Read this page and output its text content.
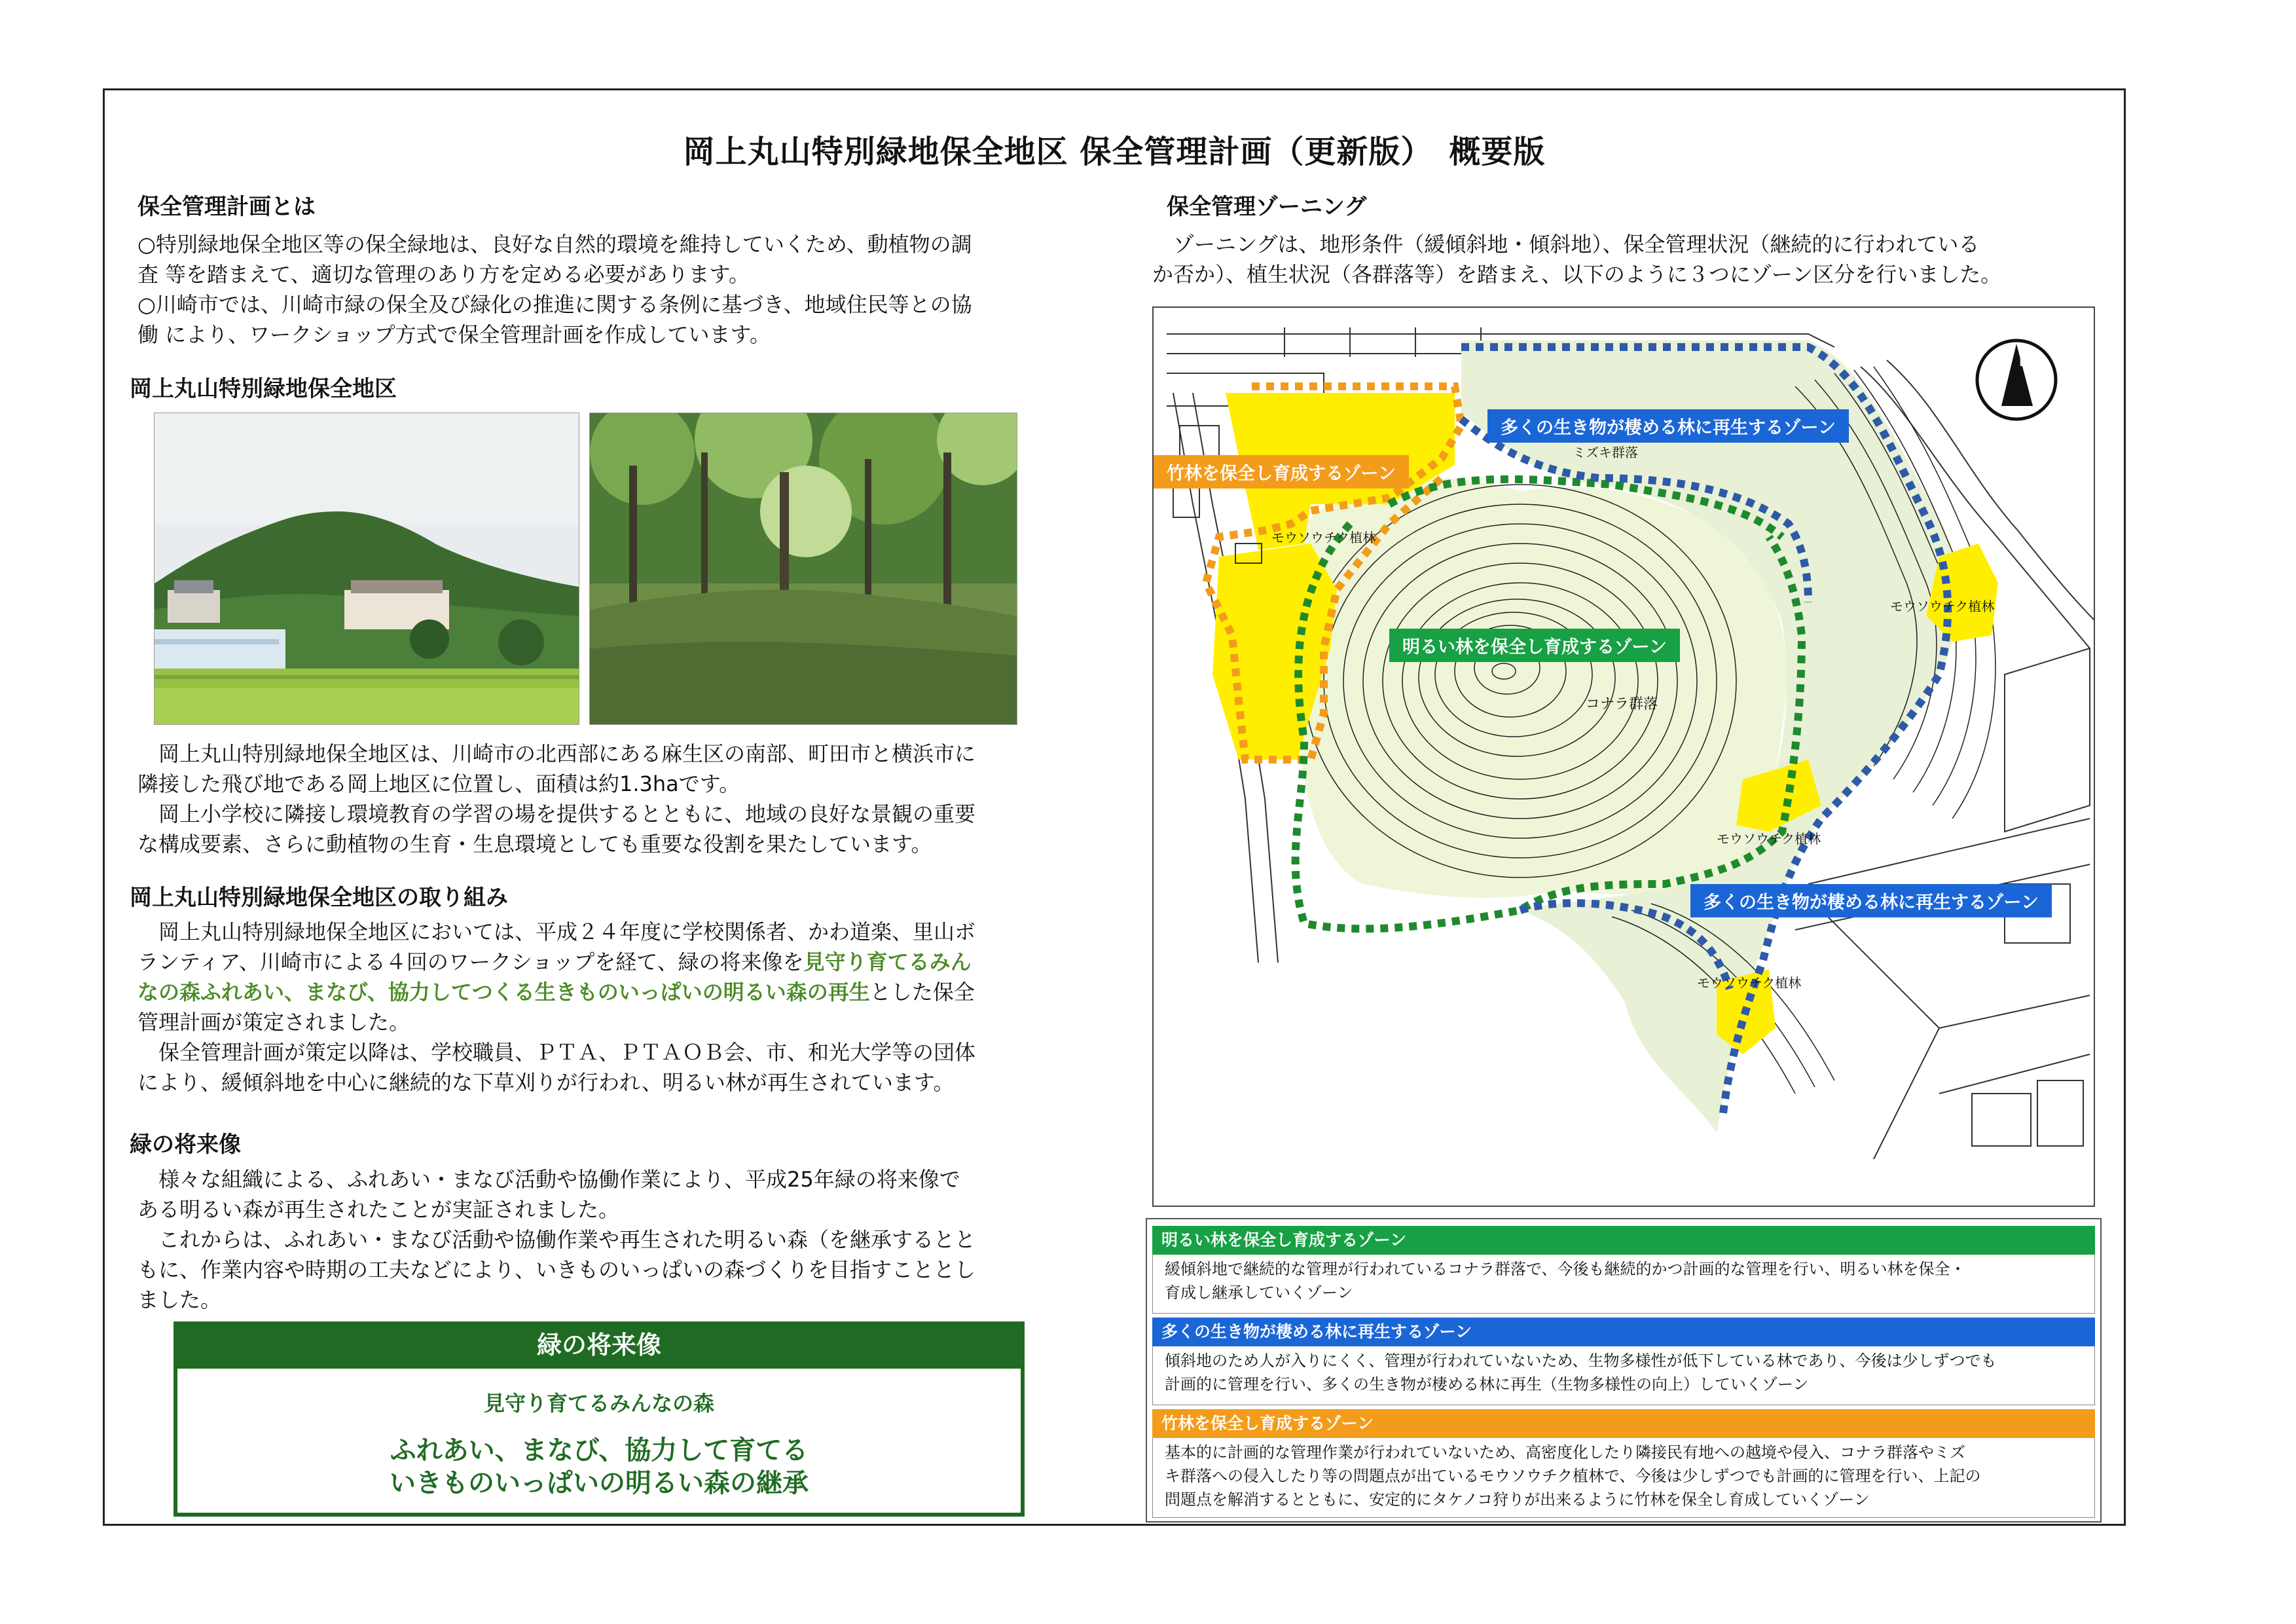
岡上丸山特別緑地保全地区 保全管理計画（更新版）　概要版
保全管理計画とは

○特別緑地保全地区等の保全緑地は、良好な自然的環境を維持していくため、動植物の調

査 等を踏まえて、適切な管理のあり方を定める必要があります。

○川崎市では、川崎市緑の保全及び緑化の推進に関する条例に基づき、地域住民等との協

働 により、ワークショップ方式で保全管理計画を作成しています。

岡上丸山特別緑地保全地区

　岡上丸山特別緑地保全地区は、川崎市の北西部にある麻生区の南部、町田市と横浜市に

隣接した飛び地である岡上地区に位置し、面積は約1.3haです。

　岡上小学校に隣接し環境教育の学習の場を提供するとともに、地域の良好な景観の重要

な構成要素、さらに動植物の生育・生息環境としても重要な役割を果たしています。

岡上丸山特別緑地保全地区の取り組み

　岡上丸山特別緑地保全地区においては、平成２４年度に学校関係者、かわ道楽、里山ボ

ランティア、川崎市による４回のワークショップを経て、緑の将来像を見守り育てるみん

なの森ふれあい、まなび、協力してつくる生きものいっぱいの明るい森の再生とした保全

管理計画が策定されました。

　保全管理計画が策定以降は、学校職員、ＰＴＡ、ＰＴＡＯＢ会、市、和光大学等の団体

により、緩傾斜地を中心に継続的な下草刈りが行われ、明るい林が再生されています。

緑の将来像

　様々な組織による、ふれあい・まなび活動や協働作業により、平成25年緑の将来像で

ある明るい森が再生されたことが実証されました。

　これからは、ふれあい・まなび活動や協働作業や再生された明るい森（を継承するとと

もに、作業内容や時期の工夫などにより、いきものいっぱいの森づくりを目指すこととし

ました。

緑の将来像
見守り育てるみんなの森
ふれあい、まなび、協力して育てる
いきものいっぱいの明るい森の継承
保全管理ゾーニング

　ゾーニングは、地形条件（緩傾斜地・傾斜地）、保全管理状況（継続的に行われている

か否か）、植生状況（各群落等）を踏まえ、以下のように３つにゾーン区分を行いました。

多くの生き物が棲める林に再生するゾーン
竹林を保全し育成するゾーン
明るい林を保全し育成するゾーン
多くの生き物が棲める林に再生するゾーン
ミズキ群落
コナラ群落
モウソウチク植林
モウソウチク植林
モウソウチク植林
モウソウチク植林
N
明るい林を保全し育成するゾーン
緩傾斜地で継続的な管理が行われているコナラ群落で、今後も継続的かつ計画的な管理を行い、明るい林を保全・
育成し継承していくゾーン
多くの生き物が棲める林に再生するゾーン
傾斜地のため人が入りにくく、管理が行われていないため、生物多様性が低下している林であり、今後は少しずつでも
計画的に管理を行い、多くの生き物が棲める林に再生（生物多様性の向上）していくゾーン
竹林を保全し育成するゾーン
基本的に計画的な管理作業が行われていないため、高密度化したり隣接民有地への越境や侵入、コナラ群落やミズ
キ群落への侵入したり等の問題点が出ているモウソウチク植林で、今後は少しずつでも計画的に管理を行い、上記の
問題点を解消するとともに、安定的にタケノコ狩りが出来るように竹林を保全し育成していくゾーン
